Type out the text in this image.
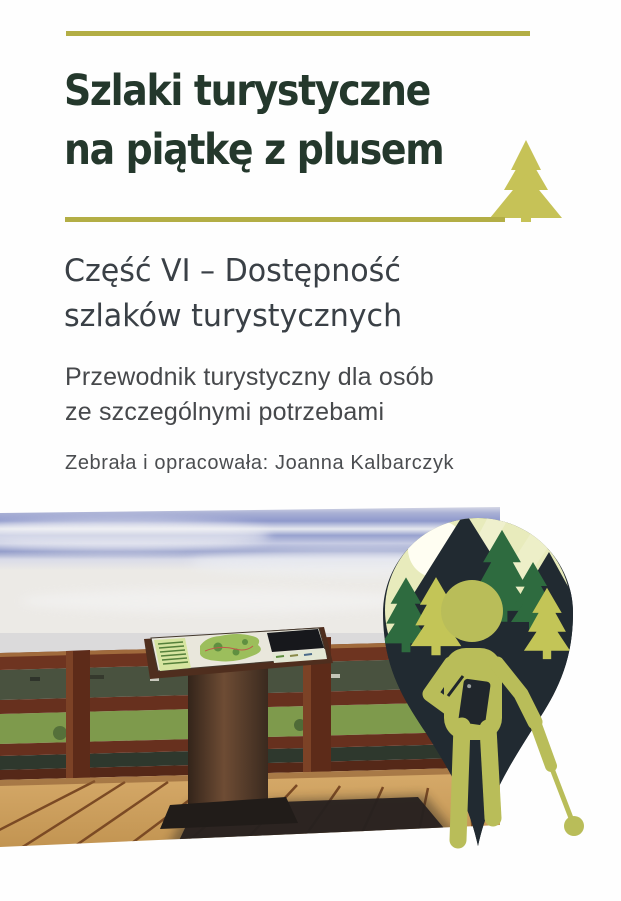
Szlaki turystyczne
na piątkę z plusem
Część VI – Dostępność
szlaków turystycznych
Przewodnik turystyczny dla osób
ze szczególnymi potrzebami
Zebrała i opracowała: Joanna Kalbarczyk
